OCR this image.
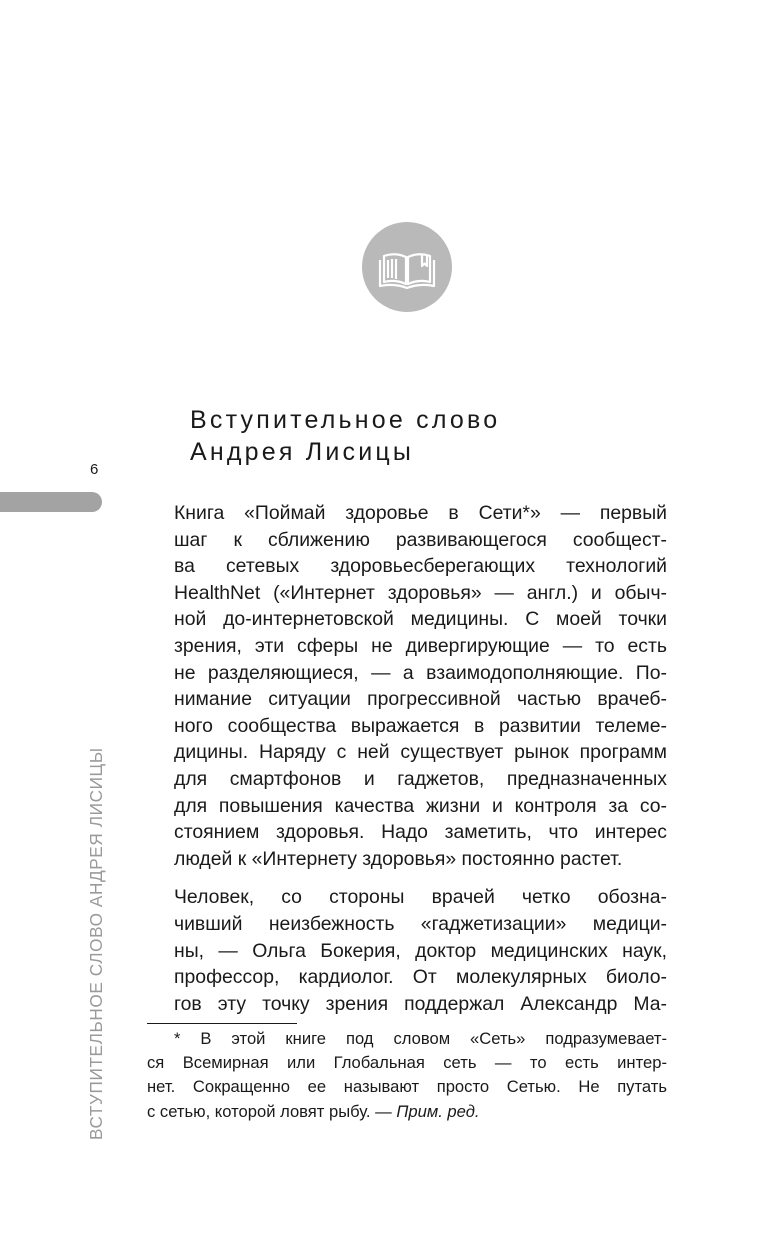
Вступительное слово
Андрея Лисицы
6
ВСТУПИТЕЛЬНОЕ СЛОВО АНДРЕЯ ЛИСИЦЫ

Книга «Поймай здоровье в Сети*» — первый
шаг к сближению развивающегося сообщест-
ва сетевых здоровьесберегающих технологий
HealthNet («Интернет здоровья» — англ.) и обыч-
ной до-интернетовской медицины. С моей точки
зрения, эти сферы не дивергирующие — то есть
не разделяющиеся, — а взаимодополняющие. По-
нимание ситуации прогрессивной частью врачеб-
ного сообщества выражается в развитии телеме-
дицины. Наряду с ней существует рынок программ
для смартфонов и гаджетов, предназначенных
для повышения качества жизни и контроля за со-
стоянием здоровья. Надо заметить, что интерес
людей к «Интернету здоровья» постоянно растет.

Человек, со стороны врачей четко обозна-
чивший неизбежность «гаджетизации» медици-
ны, — Ольга Бокерия, доктор медицинских наук,
профессор, кардиолог. От молекулярных биоло-
гов эту точку зрения поддержал Александр Ма-

* В этой книге под словом «Сеть» подразумевает-
ся Всемирная или Глобальная сеть — то есть интер-
нет. Сокращенно ее называют просто Сетью. Не путать
с сетью, которой ловят рыбу. — Прим. ред.
